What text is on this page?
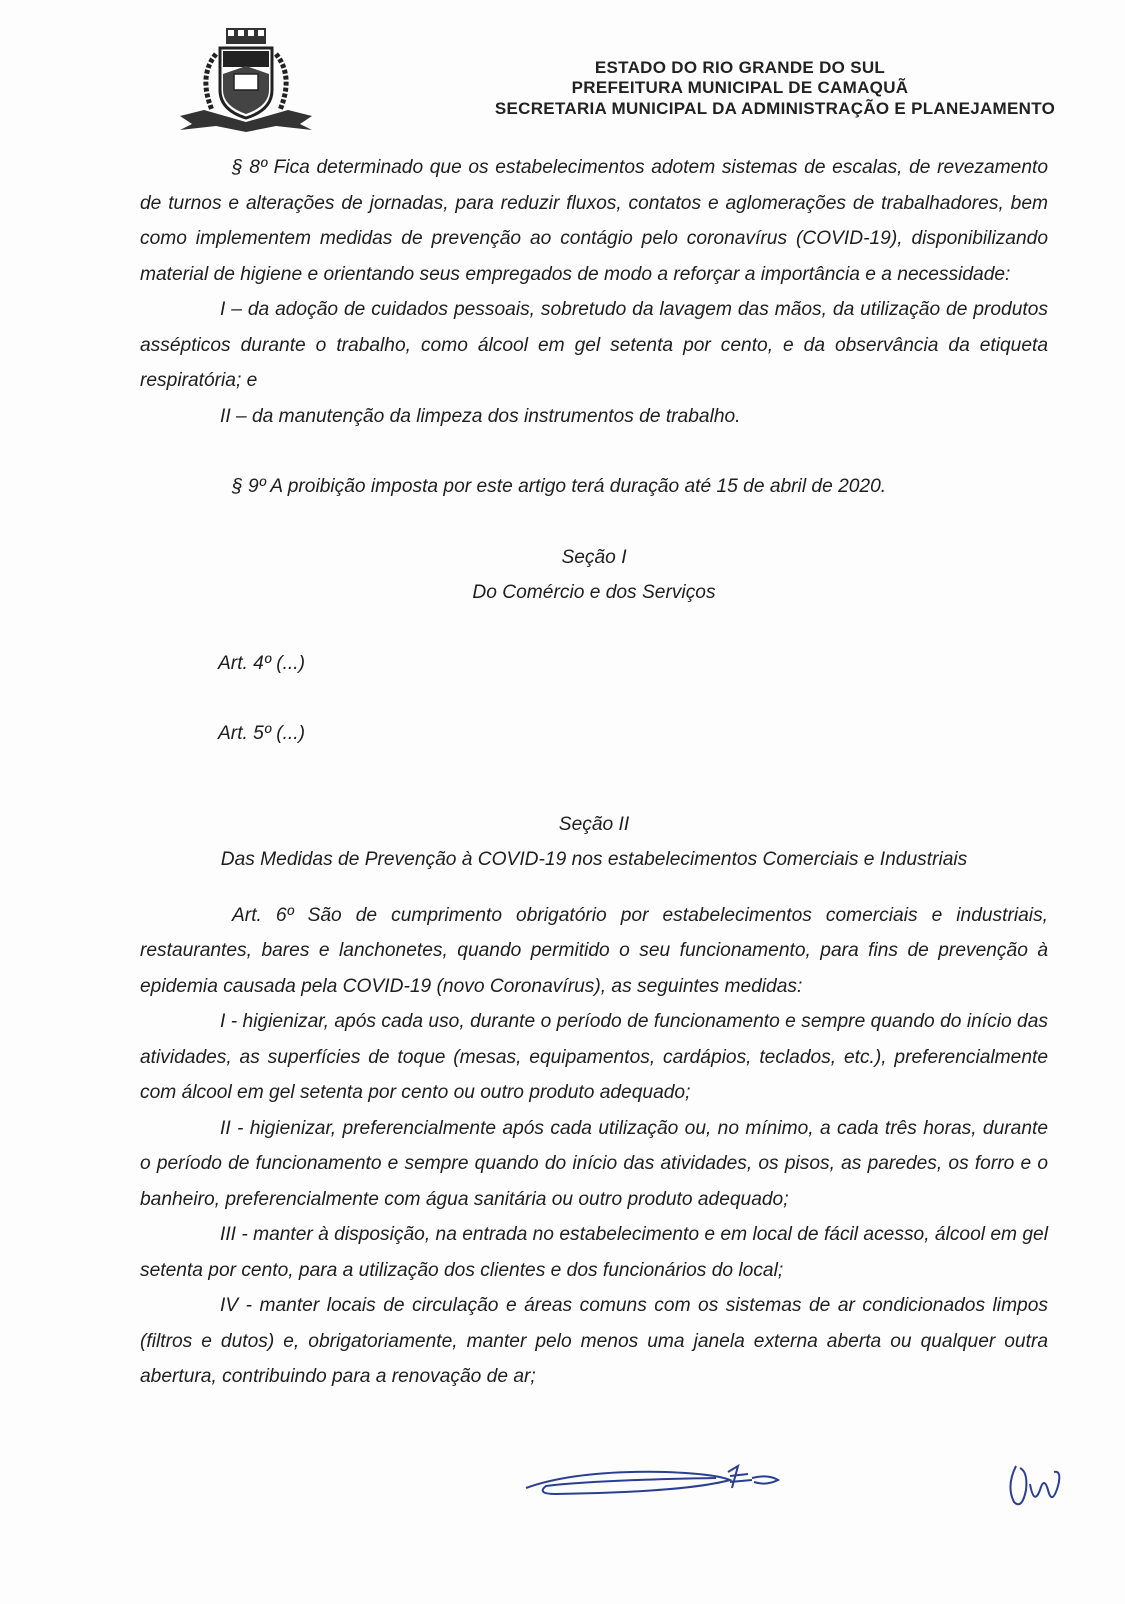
ESTADO DO RIO GRANDE DO SUL
PREFEITURA MUNICIPAL DE CAMAQUÃ
SECRETARIA MUNICIPAL DA ADMINISTRAÇÃO E PLANEJAMENTO

§ 8º Fica determinado que os estabelecimentos adotem sistemas de escalas, de revezamento de turnos e alterações de jornadas, para reduzir fluxos, contatos e aglomerações de trabalhadores, bem como implementem medidas de prevenção ao contágio pelo coronavírus (COVID-19), disponibilizando material de higiene e orientando seus empregados de modo a reforçar a importância e a necessidade:

I – da adoção de cuidados pessoais, sobretudo da lavagem das mãos, da utilização de produtos assépticos durante o trabalho, como álcool em gel setenta por cento, e da observância da etiqueta respiratória; e

II – da manutenção da limpeza dos instrumentos de trabalho.

§ 9º A proibição imposta por este artigo terá duração até 15 de abril de 2020.

Seção I

Do Comércio e dos Serviços

Art. 4º (...)

Art. 5º (...)

Seção II

Das Medidas de Prevenção à COVID-19 nos estabelecimentos Comerciais e Industriais

Art. 6º São de cumprimento obrigatório por estabelecimentos comerciais e industriais, restaurantes, bares e lanchonetes, quando permitido o seu funcionamento, para fins de prevenção à epidemia causada pela COVID-19 (novo Coronavírus), as seguintes medidas:

I - higienizar, após cada uso, durante o período de funcionamento e sempre quando do início das atividades, as superfícies de toque (mesas, equipamentos, cardápios, teclados, etc.), preferencialmente com álcool em gel setenta por cento ou outro produto adequado;

II - higienizar, preferencialmente após cada utilização ou, no mínimo, a cada três horas, durante o período de funcionamento e sempre quando do início das atividades, os pisos, as paredes, os forro e o banheiro, preferencialmente com água sanitária ou outro produto adequado;

III - manter à disposição, na entrada no estabelecimento e em local de fácil acesso, álcool em gel setenta por cento, para a utilização dos clientes e dos funcionários do local;

IV - manter locais de circulação e áreas comuns com os sistemas de ar condicionados limpos (filtros e dutos) e, obrigatoriamente, manter pelo menos uma janela externa aberta ou qualquer outra abertura, contribuindo para a renovação de ar;
